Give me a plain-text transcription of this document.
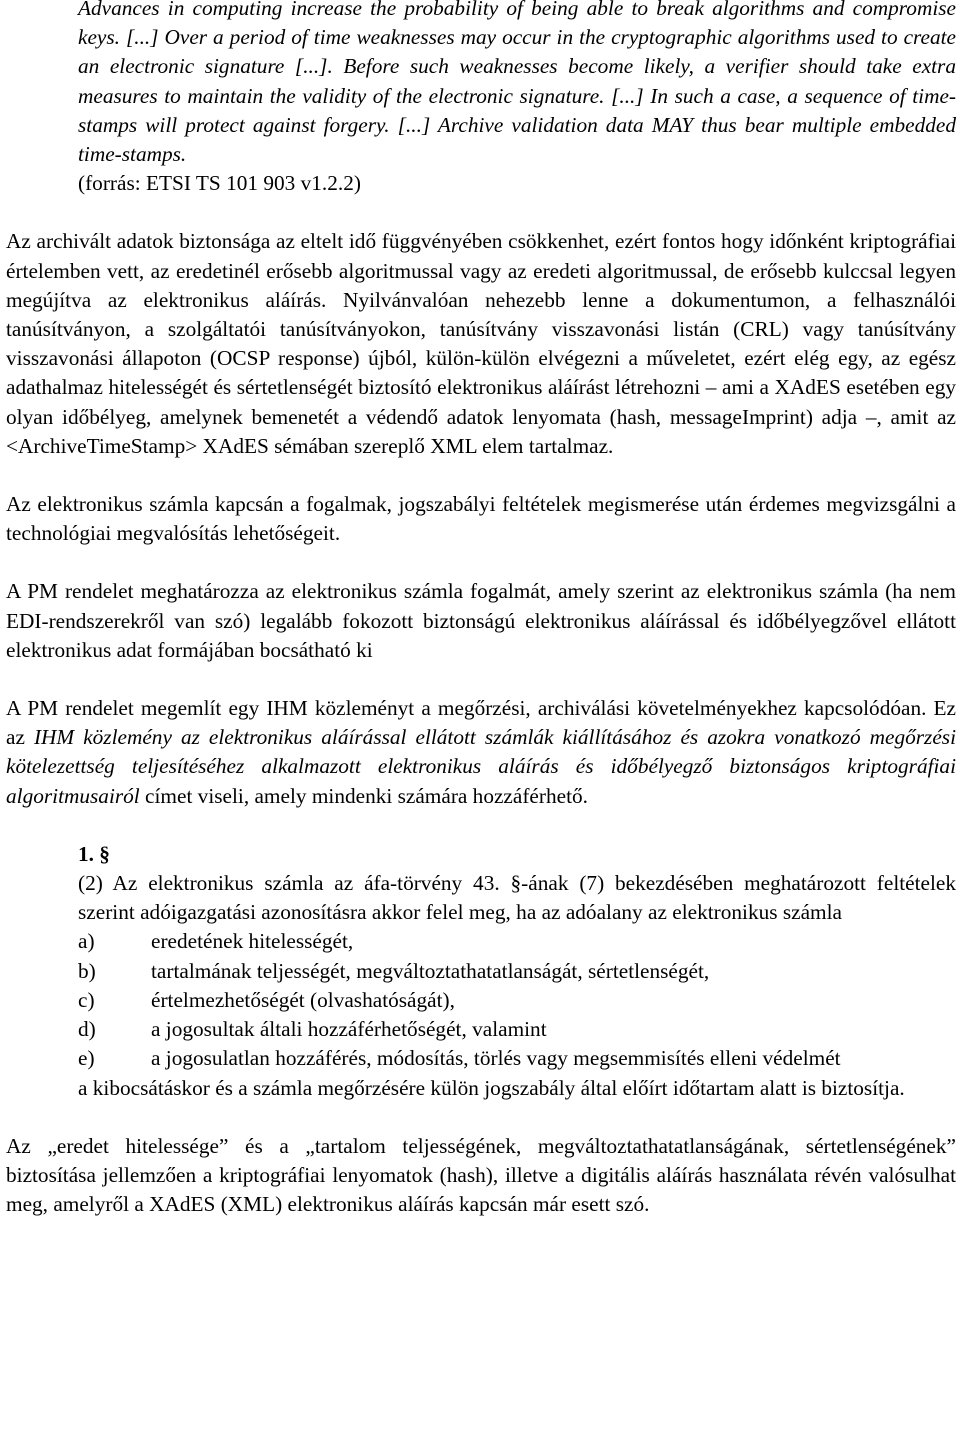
Advances in computing increase the probability of being able to break algorithms and compromise keys. [...] Over a period of time weaknesses may occur in the cryptographic algorithms used to create an electronic signature [...]. Before such weaknesses become likely, a verifier should take extra measures to maintain the validity of the electronic signature. [...] In such a case, a sequence of time-stamps will protect against forgery. [...] Archive validation data MAY thus bear multiple embedded time-stamps.
(forrás: ETSI TS 101 903 v1.2.2)

Az archivált adatok biztonsága az eltelt idő függvényében csökkenhet, ezért fontos hogy időnként kriptográfiai értelemben vett, az eredetinél erősebb algoritmussal vagy az eredeti algoritmussal, de erősebb kulccsal legyen megújítva az elektronikus aláírás. Nyilvánvalóan nehezebb lenne a dokumentumon, a felhasználói tanúsítványon, a szolgáltatói tanúsítványokon, tanúsítvány visszavonási listán (CRL) vagy tanúsítvány visszavonási állapoton (OCSP response) újból, külön-külön elvégezni a műveletet, ezért elég egy, az egész adathalmaz hitelességét és sértetlenségét biztosító elektronikus aláírást létrehozni – ami a XAdES esetében egy olyan időbélyeg, amelynek bemenetét a védendő adatok lenyomata (hash, messageImprint) adja –, amit az <ArchiveTimeStamp> XAdES sémában szereplő XML elem tartalmaz.

Az elektronikus számla kapcsán a fogalmak, jogszabályi feltételek megismerése után érdemes megvizsgálni a technológiai megvalósítás lehetőségeit.

A PM rendelet meghatározza az elektronikus számla fogalmát, amely szerint az elektronikus számla (ha nem EDI-rendszerekről van szó) legalább fokozott biztonságú elektronikus aláírással és időbélyegzővel ellátott elektronikus adat formájában bocsátható ki

A PM rendelet megemlít egy IHM közleményt a megőrzési, archiválási követelményekhez kapcsolódóan. Ez az IHM közlemény az elektronikus aláírással ellátott számlák kiállításához és azokra vonatkozó megőrzési kötelezettség teljesítéséhez alkalmazott elektronikus aláírás és időbélyegző biztonságos kriptográfiai algoritmusairól címet viseli, amely mindenki számára hozzáférhető.

1. §
(2) Az elektronikus számla az áfa-törvény 43. §-ának (7) bekezdésében meghatározott feltételek szerint adóigazgatási azonosításra akkor felel meg, ha az adóalany az elektronikus számla
a)	eredetének hitelességét,
b)	tartalmának teljességét, megváltoztathatatlanságát, sértetlenségét,
c)	értelmezhetőségét (olvashatóságát),
d)	a jogosultak általi hozzáférhetőségét, valamint
e)	a jogosulatlan hozzáférés, módosítás, törlés vagy megsemmisítés elleni védelmét
a kibocsátáskor és a számla megőrzésére külön jogszabály által előírt időtartam alatt is biztosítja.

Az „eredet hitelessége” és a „tartalom teljességének, megváltoztathatatlanságának, sértetlenségének” biztosítása jellemzően a kriptográfiai lenyomatok (hash), illetve a digitális aláírás használata révén valósulhat meg, amelyről a XAdES (XML) elektronikus aláírás kapcsán már esett szó.
